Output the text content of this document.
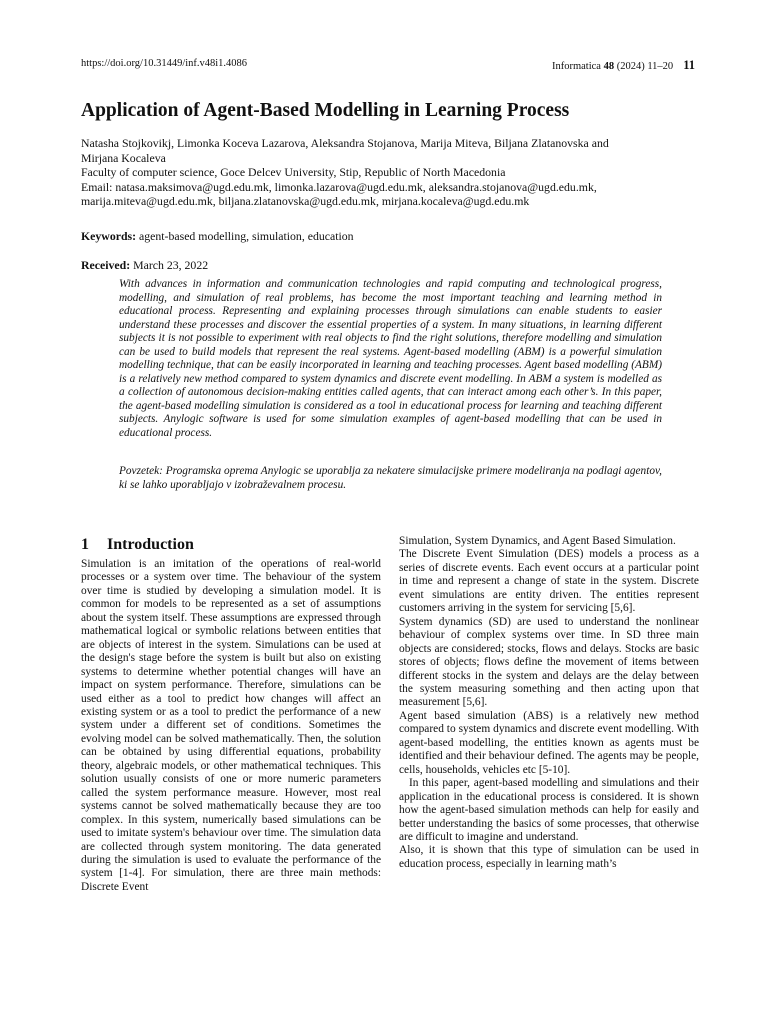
https://doi.org/10.31449/inf.v48i1.4086	Informatica 48 (2024) 11–20 11
Application of Agent-Based Modelling in Learning Process
Natasha Stojkovikj, Limonka Koceva Lazarova, Aleksandra Stojanova, Marija Miteva, Biljana Zlatanovska and
Mirjana Kocaleva
Faculty of computer science, Goce Delcev University, Stip, Republic of North Macedonia
Email: natasa.maksimova@ugd.edu.mk, limonka.lazarova@ugd.edu.mk, aleksandra.stojanova@ugd.edu.mk,
marija.miteva@ugd.edu.mk, biljana.zlatanovska@ugd.edu.mk, mirjana.kocaleva@ugd.edu.mk
Keywords: agent-based modelling, simulation, education
Received: March 23, 2022

With advances in information and communication technologies and rapid computing and technological progress, modelling, and simulation of real problems, has become the most important teaching and learning method in educational process. Representing and explaining processes through simulations can enable students to easier understand these processes and discover the essential properties of a system. In many situations, in learning different subjects it is not possible to experiment with real objects to find the right solutions, therefore modelling and simulation can be used to build models that represent the real systems. Agent-based modelling (ABM) is a powerful simulation modelling technique, that can be easily incorporated in learning and teaching processes. Agent based modelling (ABM) is a relatively new method compared to system dynamics and discrete event modelling. In ABM a system is modelled as a collection of autonomous decision-making entities called agents, that can interact among each other’s. In this paper, the agent-based modelling simulation is considered as a tool in educational process for learning and teaching different subjects. Anylogic software is used for some simulation examples of agent-based modelling that can be used in educational process.

Povzetek: Programska oprema Anylogic se uporablja za nekatere simulacijske primere modeliranja na podlagi agentov, ki se lahko uporabljajo v izobraževalnem procesu.

1 Introduction

Simulation is an imitation of the operations of real-world processes or a system over time. The behaviour of the system over time is studied by developing a simulation model. It is common for models to be represented as a set of assumptions about the system itself. These assumptions are expressed through mathematical logical or symbolic relations between entities that are objects of interest in the system. Simulations can be used at the design's stage before the system is built but also on existing systems to determine whether potential changes will have an impact on system performance. Therefore, simulations can be used either as a tool to predict how changes will affect an existing system or as a tool to predict the performance of a new system under a different set of conditions. Sometimes the evolving model can be solved mathematically. Then, the solution can be obtained by using differential equations, probability theory, algebraic models, or other mathematical techniques. This solution usually consists of one or more numeric parameters called the system performance measure. However, most real systems cannot be solved mathematically because they are too complex. In this system, numerically based simulations can be used to imitate system's behaviour over time. The simulation data are collected through system monitoring. The data generated during the simulation is used to evaluate the performance of the system [1-4]. For simulation, there are three main methods: Discrete Event

Simulation, System Dynamics, and Agent Based Simulation.

The Discrete Event Simulation (DES) models a process as a series of discrete events. Each event occurs at a particular point in time and represent a change of state in the system. Discrete event simulations are entity driven. The entities represent customers arriving in the system for servicing [5,6].

System dynamics (SD) are used to understand the nonlinear behaviour of complex systems over time. In SD three main objects are considered; stocks, flows and delays. Stocks are basic stores of objects; flows define the movement of items between different stocks in the system and delays are the delay between the system measuring something and then acting upon that measurement [5,6].

Agent based simulation (ABS) is a relatively new method compared to system dynamics and discrete event modelling. With agent-based modelling, the entities known as agents must be identified and their behaviour defined. The agents may be people, cells, households, vehicles etc [5-10].

In this paper, agent-based modelling and simulations and their application in the educational process is considered. It is shown how the agent-based simulation methods can help for easily and better understanding the basics of some processes, that otherwise are difficult to imagine and understand.

Also, it is shown that this type of simulation can be used in education process, especially in learning math’s
